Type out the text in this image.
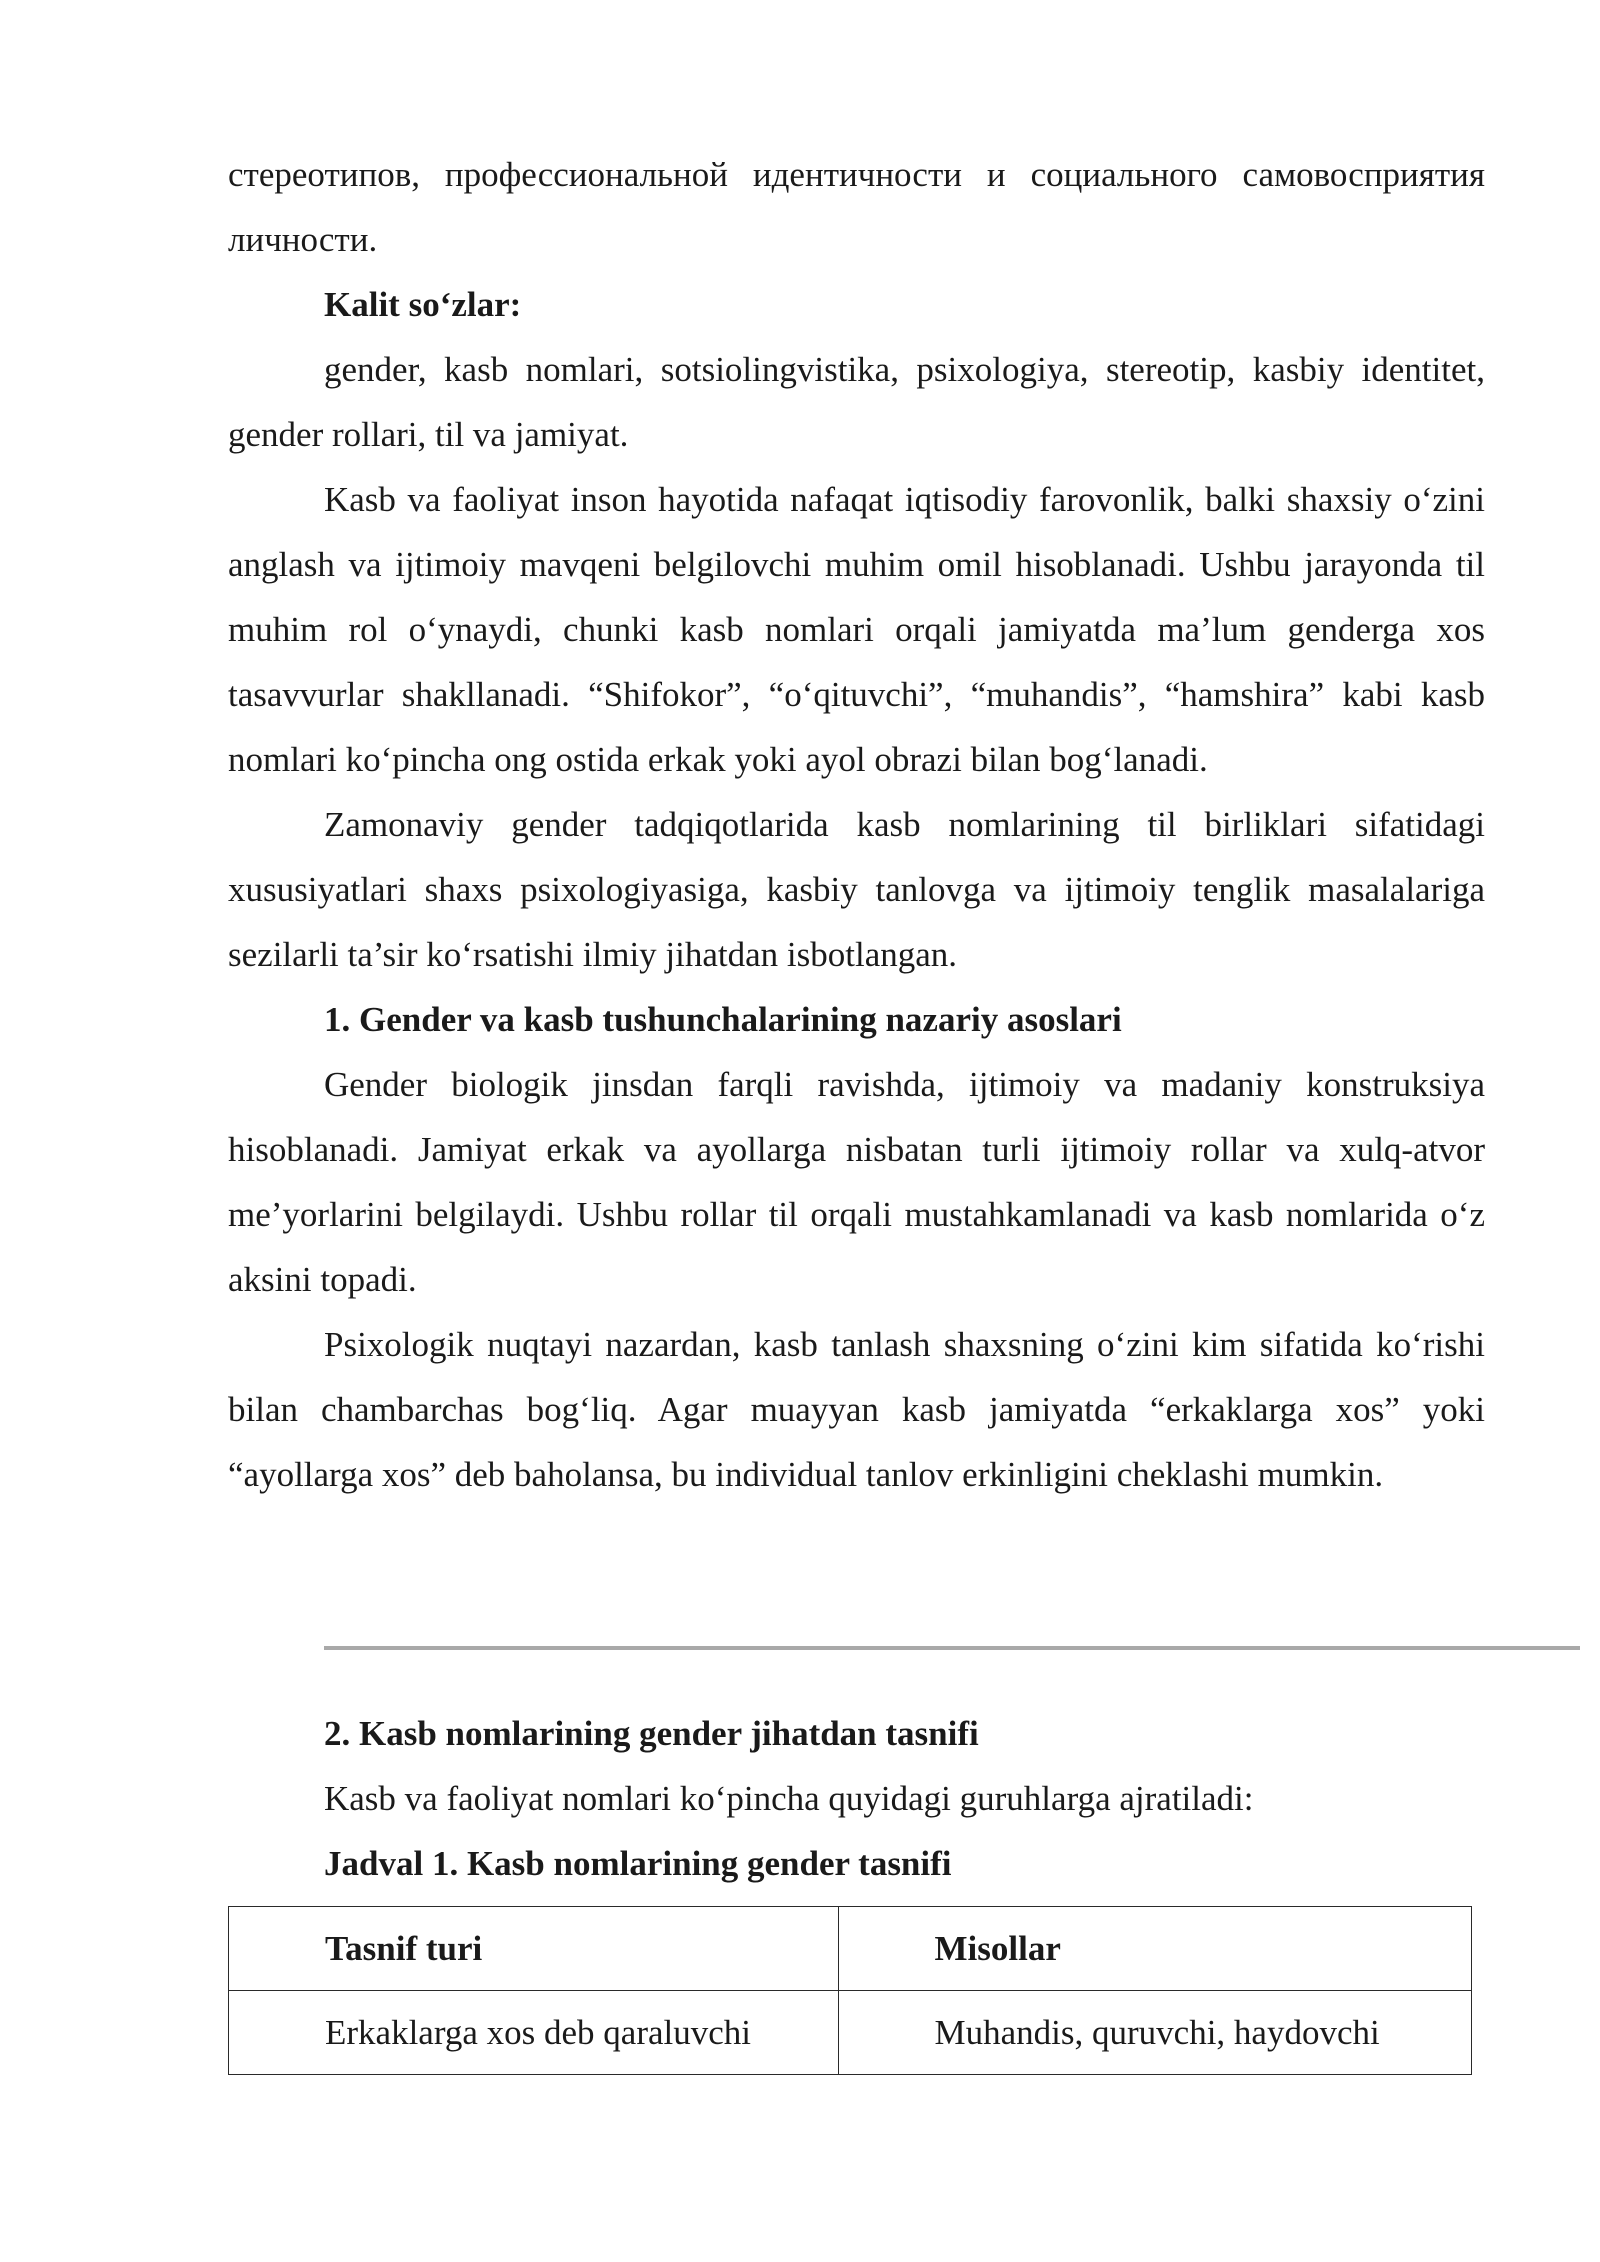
стереотипов, профессиональной идентичности и социального самовосприятия личности.

Kalit so‘zlar:

gender, kasb nomlari, sotsiolingvistika, psixologiya, stereotip, kasbiy identitet, gender rollari, til va jamiyat.

Kasb va faoliyat inson hayotida nafaqat iqtisodiy farovonlik, balki shaxsiy o‘zini anglash va ijtimoiy mavqeni belgilovchi muhim omil hisoblanadi. Ushbu jarayonda til muhim rol o‘ynaydi, chunki kasb nomlari orqali jamiyatda ma’lum genderga xos tasavvurlar shakllanadi. “Shifokor”, “o‘qituvchi”, “muhandis”, “hamshira” kabi kasb nomlari ko‘pincha ong ostida erkak yoki ayol obrazi bilan bog‘lanadi.

Zamonaviy gender tadqiqotlarida kasb nomlarining til birliklari sifatidagi xususiyatlari shaxs psixologiyasiga, kasbiy tanlovga va ijtimoiy tenglik masalalariga sezilarli ta’sir ko‘rsatishi ilmiy jihatdan isbotlangan.

1. Gender va kasb tushunchalarining nazariy asoslari

Gender biologik jinsdan farqli ravishda, ijtimoiy va madaniy konstruksiya hisoblanadi. Jamiyat erkak va ayollarga nisbatan turli ijtimoiy rollar va xulq-atvor me’yorlarini belgilaydi. Ushbu rollar til orqali mustahkamlanadi va kasb nomlarida o‘z aksini topadi.

Psixologik nuqtayi nazardan, kasb tanlash shaxsning o‘zini kim sifatida ko‘rishi bilan chambarchas bog‘liq. Agar muayyan kasb jamiyatda “erkaklarga xos” yoki “ayollarga xos” deb baholansa, bu individual tanlov erkinligini cheklashi mumkin.

2. Kasb nomlarining gender jihatdan tasnifi

Kasb va faoliyat nomlari ko‘pincha quyidagi guruhlarga ajratiladi:

Jadval 1. Kasb nomlarining gender tasnifi

Tasnif turi	Misollar
Erkaklarga xos deb qaraluvchi	Muhandis, quruvchi, haydovchi
